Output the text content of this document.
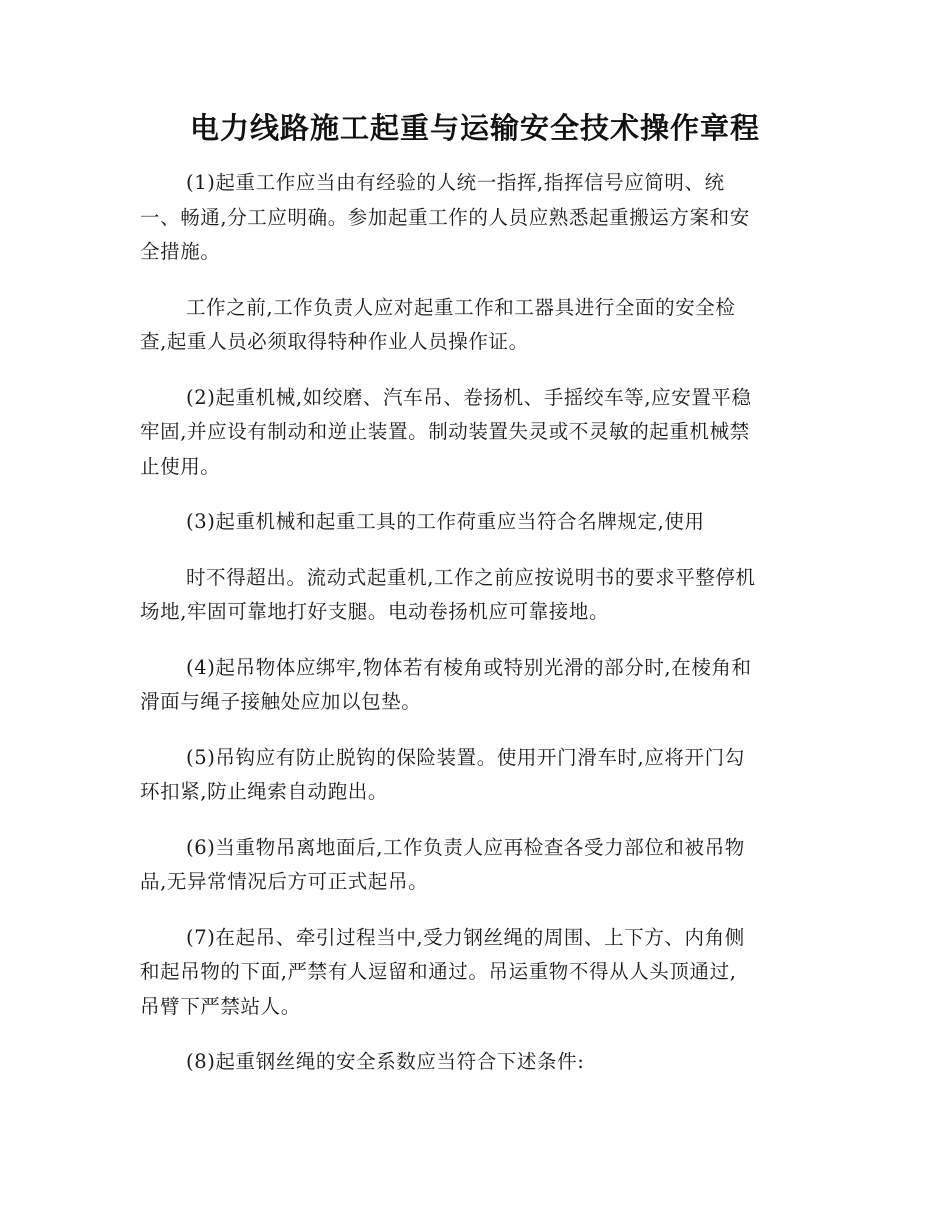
电力线路施工起重与运输安全技术操作章程

(1)起重工作应当由有经验的人统一指挥,指挥信号应简明、统
一、畅通,分工应明确。参加起重工作的人员应熟悉起重搬运方案和安
全措施。

工作之前,工作负责人应对起重工作和工器具进行全面的安全检
查,起重人员必须取得特种作业人员操作证。

(2)起重机械,如绞磨、汽车吊、卷扬机、手摇绞车等,应安置平稳
牢固,并应设有制动和逆止装置。制动装置失灵或不灵敏的起重机械禁
止使用。

(3)起重机械和起重工具的工作荷重应当符合名牌规定,使用

时不得超出。流动式起重机,工作之前应按说明书的要求平整停机
场地,牢固可靠地打好支腿。电动卷扬机应可靠接地。

(4)起吊物体应绑牢,物体若有棱角或特别光滑的部分时,在棱角和
滑面与绳子接触处应加以包垫。

(5)吊钩应有防止脱钩的保险装置。使用开门滑车时,应将开门勾
环扣紧,防止绳索自动跑出。

(6)当重物吊离地面后,工作负责人应再检查各受力部位和被吊物
品,无异常情况后方可正式起吊。

(7)在起吊、牵引过程当中,受力钢丝绳的周围、上下方、内角侧
和起吊物的下面,严禁有人逗留和通过。吊运重物不得从人头顶通过,
吊臂下严禁站人。

(8)起重钢丝绳的安全系数应当符合下述条件:
